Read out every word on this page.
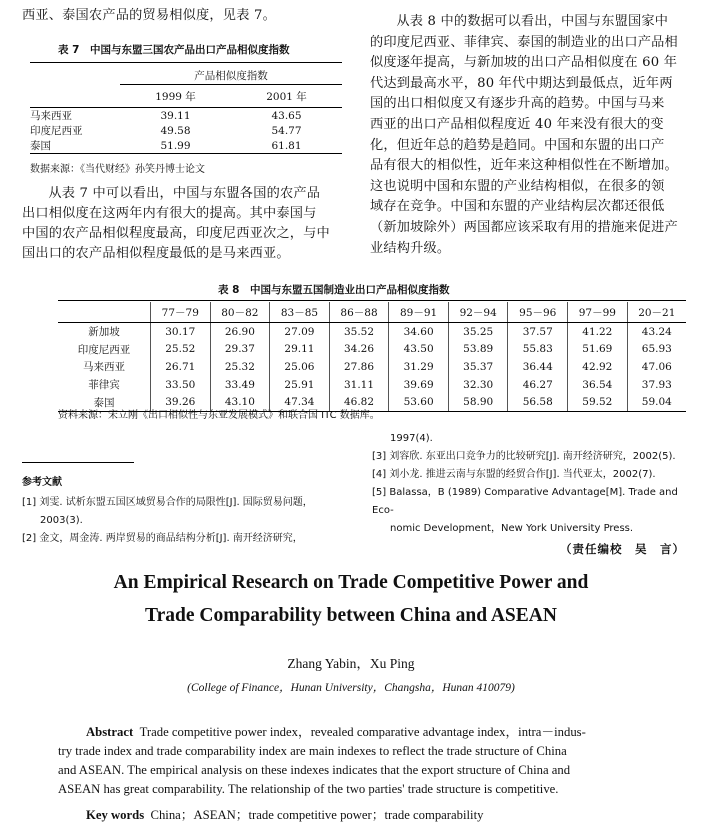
西亚、泰国农产品的贸易相似度，见表 7。
表 7　中国与东盟三国农产品出口产品相似度指数

	产品相似度指数	
	1999 年	2001 年
马来西亚	39.11	43.65
印度尼西亚	49.58	54.77
泰国	51.99	61.81
数据来源：《当代财经》孙笑丹博士论文
从表 7 中可以看出，中国与东盟各国的农产品
出口相似度在这两年内有很大的提高。其中泰国与
中国的农产品相似程度最高，印度尼西亚次之，与中
国出口的农产品相似程度最低的是马来西亚。
从表 8 中的数据可以看出，中国与东盟国家中
的印度尼西亚、菲律宾、泰国的制造业的出口产品相
似度逐年提高，与新加坡的出口产品相似度在 60 年
代达到最高水平，80 年代中期达到最低点，近年两
国的出口相似度又有逐步升高的趋势。中国与马来
西亚的出口产品相似程度近 40 年来没有很大的变
化，但近年总的趋势是趋同。中国和东盟的出口产
品有很大的相似性，近年来这种相似性在不断增加。
这也说明中国和东盟的产业结构相似，在很多的领
域存在竞争。中国和东盟的产业结构层次都还很低
（新加坡除外）两国都应该采取有用的措施来促进产
业结构升级。
表 8　中国与东盟五国制造业出口产品相似度指数
	77－79	80－82	83－85	86－88	89－91	92－94	95－96	97－99	20－21
新加坡	30.17	26.90	27.09	35.52	34.60	35.25	37.57	41.22	43.24
印度尼西亚	25.52	29.37	29.11	34.26	43.50	53.89	55.83	51.69	65.93
马来西亚	26.71	25.32	25.06	27.86	31.29	35.37	36.44	42.92	47.06
菲律宾	33.50	33.49	25.91	31.11	39.69	32.30	46.27	36.54	37.93
泰国	39.26	43.10	47.34	46.82	53.60	58.90	56.58	59.52	59.04
资料来源：宋立刚《出口相似性与东亚发展模式》和联合国 ITC 数据库。
参考文献
[1] 刘雯. 试析东盟五国区域贸易合作的局限性[J]. 国际贸易问题，
2003(3).
[2] 金文，周金涛. 两岸贸易的商品结构分析[J]. 南开经济研究，
1997(4).
[3] 刘容欣. 东亚出口竞争力的比较研究[J]. 南开经济研究，2002(5).
[4] 刘小龙. 推进云南与东盟的经贸合作[J]. 当代亚太，2002(7).
[5] Balassa，B (1989) Comparative Advantage[M]. Trade and Eco-
nomic Development，New York University Press.
（责任编校　吴　言）
An Empirical Research on Trade Competitive Power and
Trade Comparability between China and ASEAN
Zhang Yabin，Xu Ping
(College of Finance，Hunan University，Changsha，Hunan 410079)
Abstract Trade competitive power index，revealed comparative advantage index，intra－indus-
try trade index and trade comparability index are main indexes to reflect the trade structure of China
and ASEAN. The empirical analysis on these indexes indicates that the export structure of China and
ASEAN has great comparability. The relationship of the two parties' trade structure is competitive.
Key words China；ASEAN；trade competitive power；trade comparability
